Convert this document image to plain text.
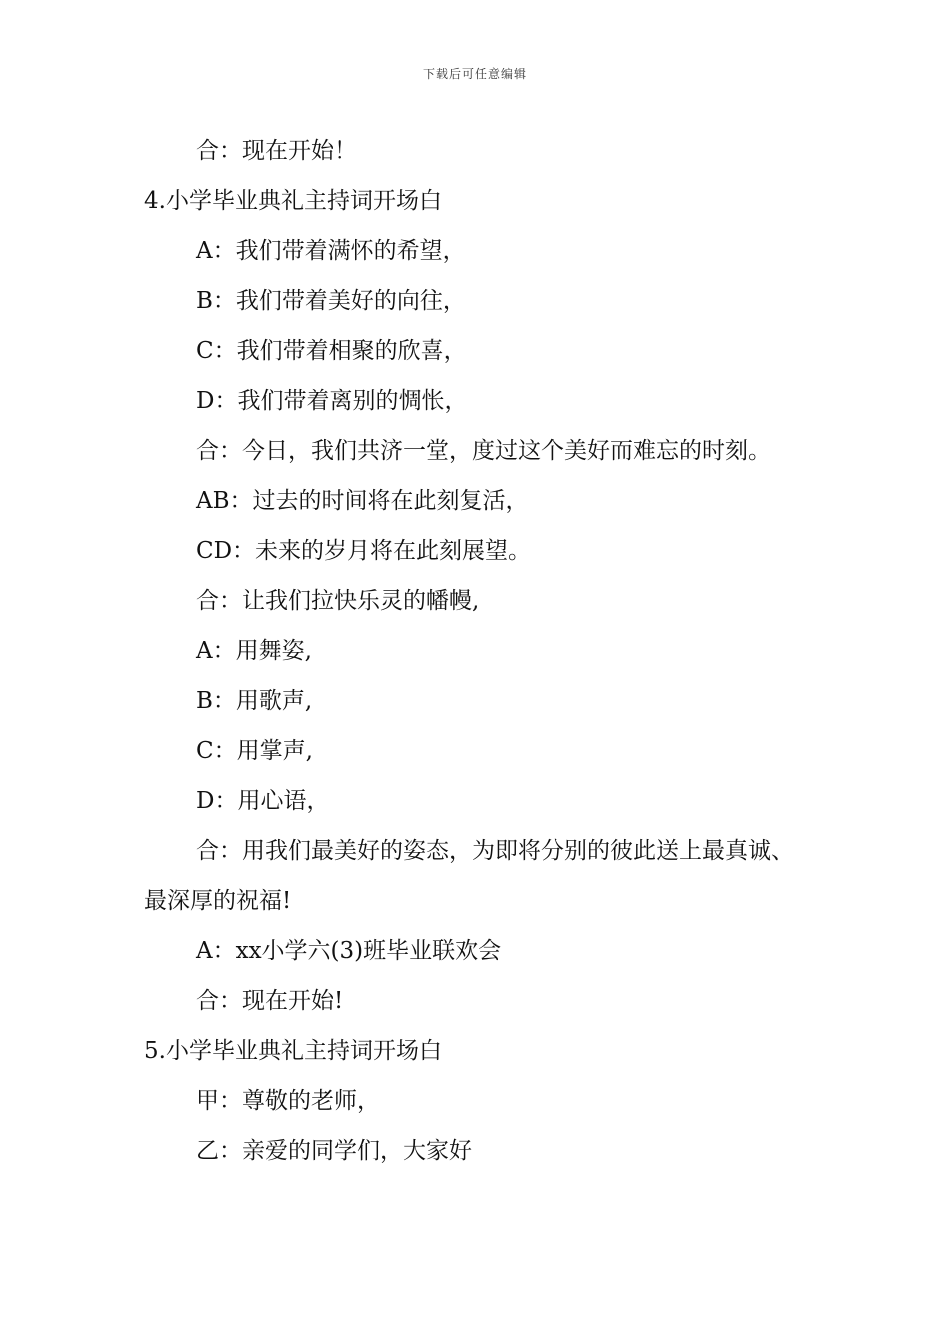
下载后可任意编辑

合：现在开始！

4.小学毕业典礼主持词开场白

A：我们带着满怀的希望，

B：我们带着美好的向往，

C：我们带着相聚的欣喜，

D：我们带着离别的惆怅，

合：今日，我们共济一堂，度过这个美好而难忘的时刻。

AB：过去的时间将在此刻复活，

CD：未来的岁月将在此刻展望。

合：让我们拉快乐灵的幡幔,

A：用舞姿,

B：用歌声,

C：用掌声,

D：用心语，

合：用我们最美好的姿态，为即将分别的彼此送上最真诚、最深厚的祝福!

A：xx小学六(3)班毕业联欢会

合：现在开始!

5.小学毕业典礼主持词开场白

甲：尊敬的老师，

乙：亲爱的同学们，大家好
